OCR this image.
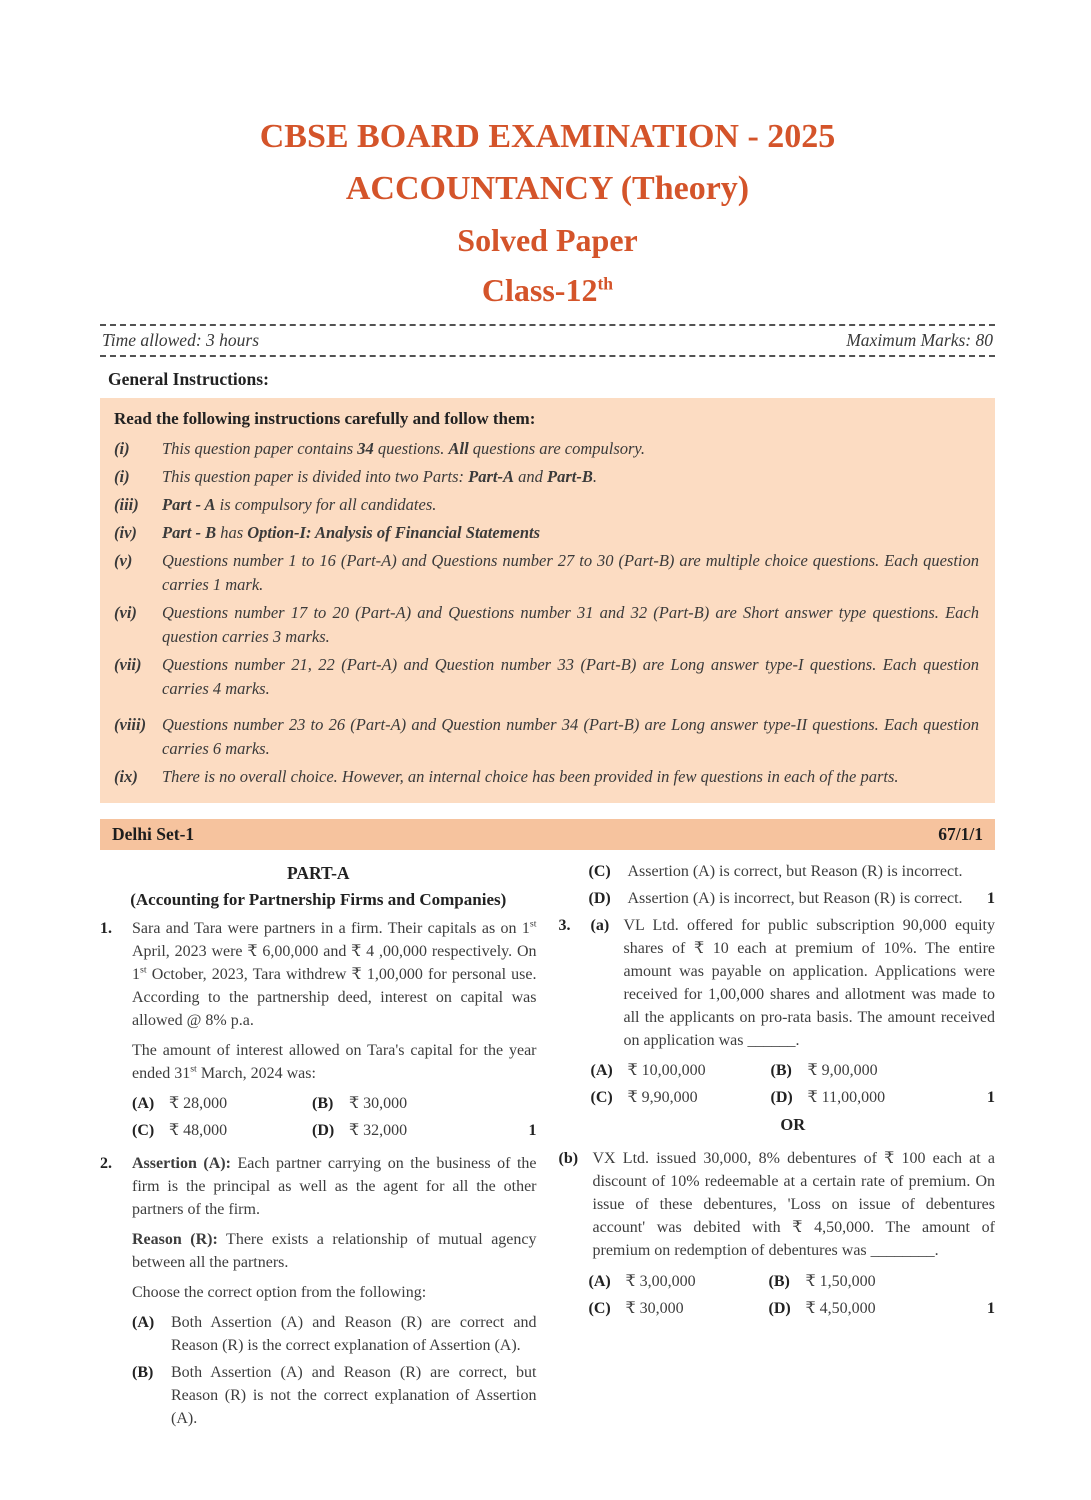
CBSE BOARD EXAMINATION - 2025
ACCOUNTANCY (Theory)
Solved Paper
Class-12th
Time allowed: 3 hours	Maximum Marks: 80
General Instructions:
Read the following instructions carefully and follow them:
(i)	This question paper contains 34 questions. All questions are compulsory.
(i)	This question paper is divided into two Parts: Part-A and Part-B.
(iii)	Part - A is compulsory for all candidates.
(iv)	Part - B has Option-I: Analysis of Financial Statements
(v)	Questions number 1 to 16 (Part-A) and Questions number 27 to 30 (Part-B) are multiple choice questions. Each question carries 1 mark.
(vi)	Questions number 17 to 20 (Part-A) and Questions number 31 and 32 (Part-B) are Short answer type questions. Each question carries 3 marks.
(vii)	Questions number 21, 22 (Part-A) and Question number 33 (Part-B) are Long answer type-I questions. Each question carries 4 marks.
(viii) Questions number 23 to 26 (Part-A) and Question number 34 (Part-B) are Long answer type-II questions. Each question carries 6 marks.
(ix)	There is no overall choice. However, an internal choice has been provided in few questions in each of the parts.
Delhi Set-1	67/1/1
PART-A
(Accounting for Partnership Firms and Companies)
1.	Sara and Tara were partners in a firm. Their capitals as on 1st April, 2023 were ₹ 6,00,000 and ₹ 4 ,00,000 respectively. On 1st October, 2023, Tara withdrew ₹ 1,00,000 for personal use. According to the partnership deed, interest on capital was allowed @ 8% p.a.

The amount of interest allowed on Tara's capital for the year ended 31st March, 2024 was:

(A) ₹ 28,000	(B) ₹ 30,000
(C) ₹ 48,000	(D) ₹ 32,000	1
2.	Assertion (A): Each partner carrying on the business of the firm is the principal as well as the agent for all the other partners of the firm.

Reason (R): There exists a relationship of mutual agency between all the partners.

Choose the correct option from the following:

(A)	Both Assertion (A) and Reason (R) are correct and Reason (R) is the correct explanation of Assertion (A).
(B)	Both Assertion (A) and Reason (R) are correct, but Reason (R) is not the correct explanation of Assertion (A).
(C)	Assertion (A) is correct, but Reason (R) is incorrect.
(D)	Assertion (A) is incorrect, but Reason (R) is correct.	1
3.	(a) VL Ltd. offered for public subscription 90,000 equity shares of ₹ 10 each at premium of 10%. The entire amount was payable on application. Applications were received for 1,00,000 shares and allotment was made to all the applicants on pro-rata basis. The amount received on application was ______.

(A) ₹ 10,00,000	(B) ₹ 9,00,000
(C) ₹ 9,90,000	(D) ₹ 11,00,000	1
OR
(b) VX Ltd. issued 30,000, 8% debentures of ₹ 100 each at a discount of 10% redeemable at a certain rate of premium. On issue of these debentures, 'Loss on issue of debentures account' was debited with ₹ 4,50,000. The amount of premium on redemption of debentures was ________.

(A) ₹ 3,00,000	(B) ₹ 1,50,000
(C) ₹ 30,000	(D) ₹ 4,50,000	1
